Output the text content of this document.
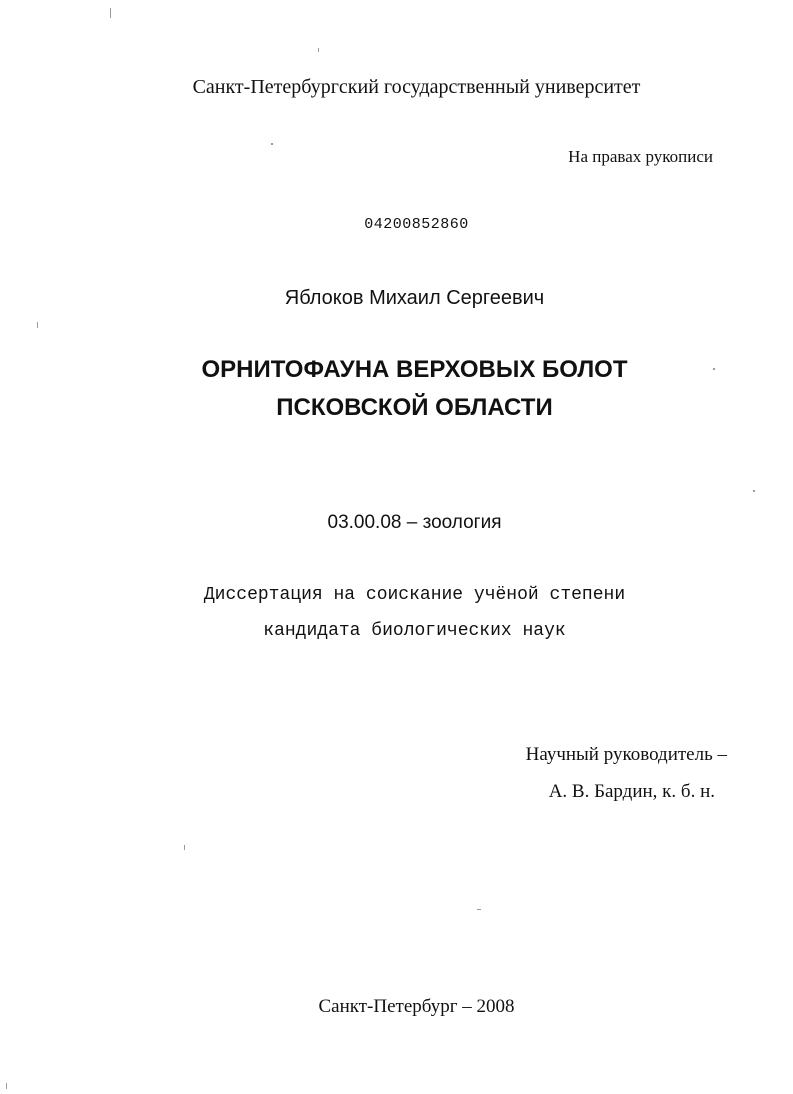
Санкт-Петербургский государственный университет
На правах рукописи
04200852860
Яблоков Михаил Сергеевич
ОРНИТОФАУНА ВЕРХОВЫХ БОЛОТ
ПСКОВСКОЙ ОБЛАСТИ
03.00.08 – зоология
Диссертация на соискание учёной степени
кандидата биологических наук
Научный руководитель –
А. В. Бардин, к. б. н.
Санкт-Петербург – 2008
